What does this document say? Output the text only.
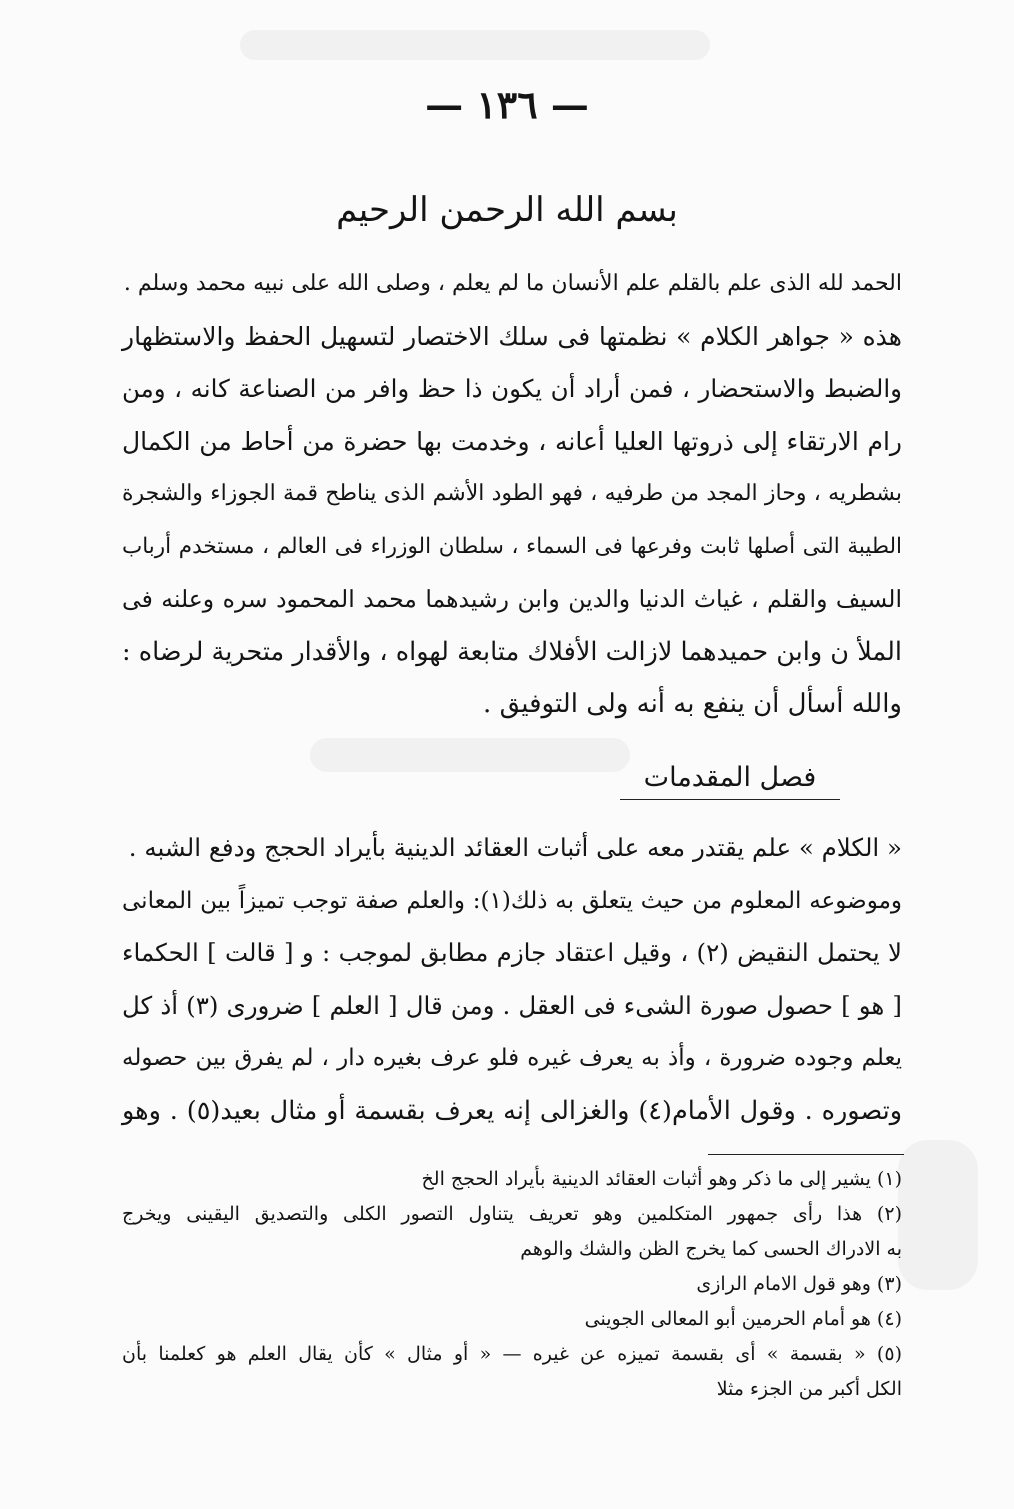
— ١٣٦ —
بسم الله الرحمن الرحيم
الحمد لله الذى علم بالقلم علم الأنسان ما لم يعلم ، وصلى الله على نبيه محمد وسلم .
هذه « جواهر الكلام » نظمتها فى سلك الاختصار لتسهيل الحفظ والاستظهار
والضبط والاستحضار ، فمن أراد أن يكون ذا حظ وافر من الصناعة كانه ، ومن
رام الارتقاء إلى ذروتها العليا أعانه ، وخدمت بها حضرة من أحاط من الكمال
بشطريه ، وحاز المجد من طرفيه ، فهو الطود الأشم الذى يناطح قمة الجوزاء والشجرة
الطيبة التى أصلها ثابت وفرعها فى السماء ، سلطان الوزراء فى العالم ، مستخدم أرباب
السيف والقلم ، غياث الدنيا والدين وابن رشيدهما محمد المحمود سره وعلنه فى
الملأ ن وابن حميدهما لازالت الأفلاك متابعة لهواه ، والأقدار متحرية لرضاه :
والله أسأل أن ينفع به أنه ولى التوفيق .
فصل المقدمات
« الكلام » علم يقتدر معه على أثبات العقائد الدينية بأيراد الحجج ودفع الشبه .
وموضوعه المعلوم من حيث يتعلق به ذلك(١): والعلم صفة توجب تميزاً بين المعانى
لا يحتمل النقيض (٢) ، وقيل اعتقاد جازم مطابق لموجب : و [ قالت ] الحكماء
[ هو ] حصول صورة الشىء فى العقل . ومن قال [ العلم ] ضرورى (٣) أذ كل
يعلم وجوده ضرورة ، وأذ به يعرف غيره فلو عرف بغيره دار ، لم يفرق بين حصوله
وتصوره . وقول الأمام(٤) والغزالى إنه يعرف بقسمة أو مثال بعيد(٥) . وهو
(١) يشير إلى ما ذكر وهو أثبات العقائد الدينية بأيراد الحجج الخ
(٢) هذا رأى جمهور المتكلمين وهو تعريف يتناول التصور الكلى والتصديق اليقينى ويخرج
به الادراك الحسى كما يخرج الظن والشك والوهم
(٣) وهو قول الامام الرازى
(٤) هو أمام الحرمين أبو المعالى الجوينى
(٥) « بقسمة » أى بقسمة تميزه عن غيره — « أو مثال » كأن يقال العلم هو كعلمنا بأن
الكل أكبر من الجزء مثلا
